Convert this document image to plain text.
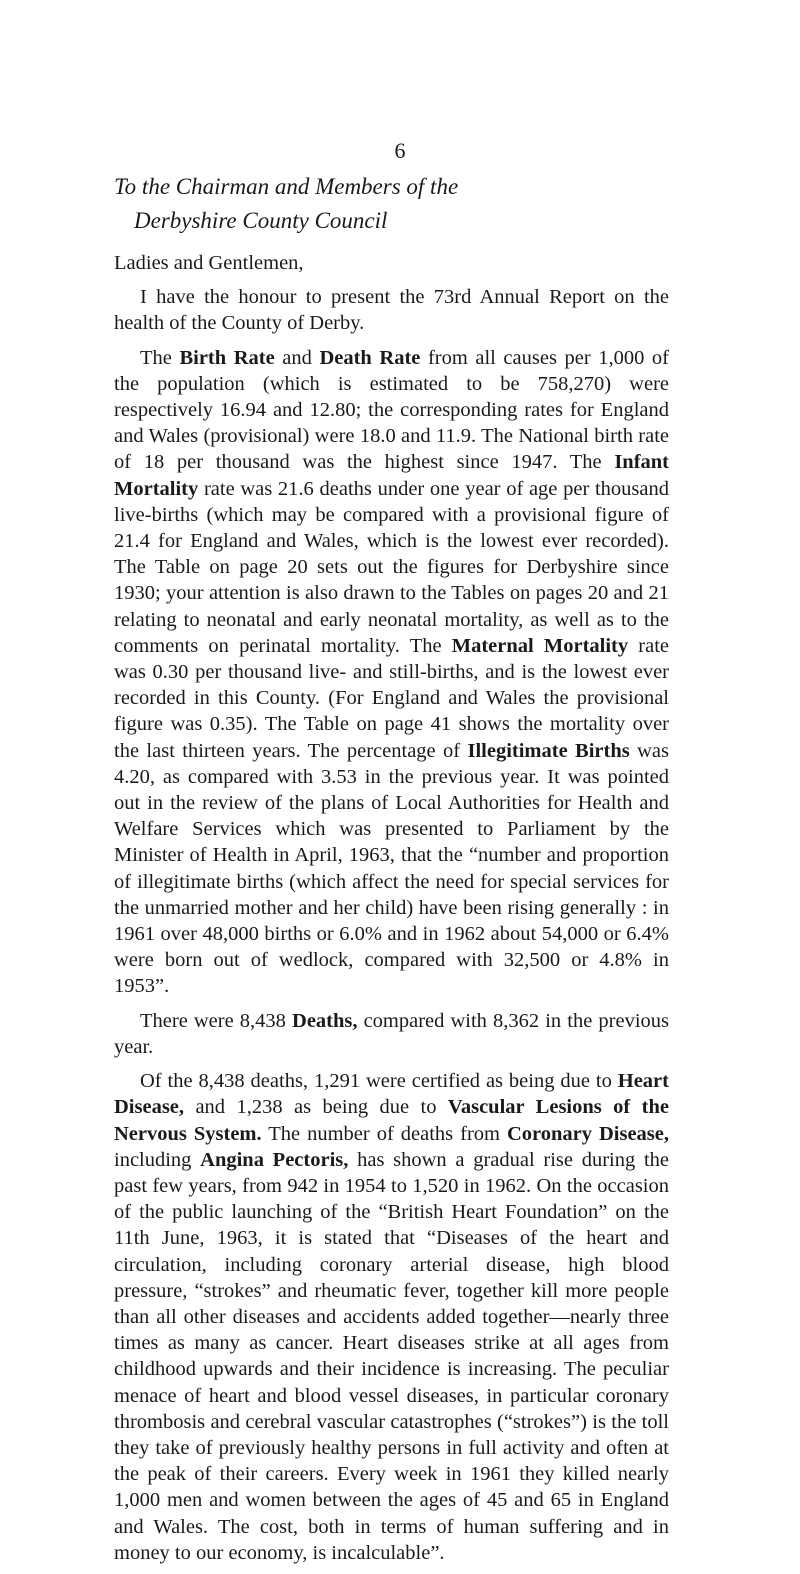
6
To the Chairman and Members of the
Derbyshire County Council

Ladies and Gentlemen,

I have the honour to present the 73rd Annual Report on the health of the County of Derby.

The Birth Rate and Death Rate from all causes per 1,000 of the population (which is estimated to be 758,270) were respectively 16.94 and 12.80; the corresponding rates for England and Wales (provisional) were 18.0 and 11.9. The National birth rate of 18 per thousand was the highest since 1947. The Infant Mortality rate was 21.6 deaths under one year of age per thousand live-births (which may be compared with a provisional figure of 21.4 for England and Wales, which is the lowest ever recorded). The Table on page 20 sets out the figures for Derbyshire since 1930; your attention is also drawn to the Tables on pages 20 and 21 relating to neonatal and early neonatal mortality, as well as to the comments on perinatal mortality. The Maternal Mortality rate was 0.30 per thousand live- and still-births, and is the lowest ever recorded in this County. (For England and Wales the provisional figure was 0.35). The Table on page 41 shows the mortality over the last thirteen years. The percentage of Illegitimate Births was 4.20, as compared with 3.53 in the previous year. It was pointed out in the review of the plans of Local Authorities for Health and Welfare Services which was presented to Parliament by the Minister of Health in April, 1963, that the “number and proportion of illegitimate births (which affect the need for special services for the unmarried mother and her child) have been rising generally : in 1961 over 48,000 births or 6.0% and in 1962 about 54,000 or 6.4% were born out of wedlock, compared with 32,500 or 4.8% in 1953”.

There were 8,438 Deaths, compared with 8,362 in the previous year.

Of the 8,438 deaths, 1,291 were certified as being due to Heart Disease, and 1,238 as being due to Vascular Lesions of the Nervous System. The number of deaths from Coronary Disease, including Angina Pectoris, has shown a gradual rise during the past few years, from 942 in 1954 to 1,520 in 1962. On the occasion of the public launching of the “British Heart Foundation” on the 11th June, 1963, it is stated that “Diseases of the heart and circulation, including coronary arterial disease, high blood pressure, “strokes” and rheumatic fever, together kill more people than all other diseases and accidents added together—nearly three times as many as cancer. Heart diseases strike at all ages from childhood upwards and their incidence is increasing. The peculiar menace of heart and blood vessel diseases, in particular coronary thrombosis and cerebral vascular catastrophes (“strokes”) is the toll they take of previously healthy persons in full activity and often at the peak of their careers. Every week in 1961 they killed nearly 1,000 men and women between the ages of 45 and 65 in England and Wales. The cost, both in terms of human suffering and in money to our economy, is incalculable”.
